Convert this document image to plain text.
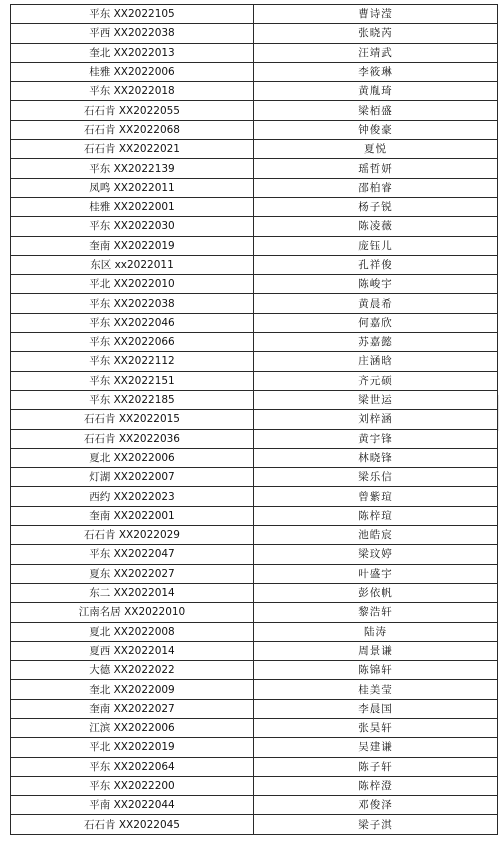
平东 XX2022105	曹诗滢
平西 XX2022038	张晓芮
奎北 XX2022013	汪靖武
桂雅 XX2022006	李筱琳
平东 XX2022018	黄胤琦
石石肯 XX2022055	梁栢盛
石石肯 XX2022068	钟俊豪
石石肯 XX2022021	夏悦
平东 XX2022139	瑶哲妍
凤鸣 XX2022011	邵柏睿
桂雅 XX2022001	杨子锐
平东 XX2022030	陈凌薇
奎南 XX2022019	庞钰儿
东区 xx2022011	孔祥俊
平北 XX2022010	陈峻宇
平东 XX2022038	黄晨希
平东 XX2022046	何嘉欣
平东 XX2022066	苏嘉懿
平东 XX2022112	庄涵晗
平东 XX2022151	齐元硕
平东 XX2022185	梁世运
石石肯 XX2022015	刘梓涵
石石肯 XX2022036	黄宇锋
夏北 XX2022006	林晓锋
灯湖 XX2022007	梁乐信
西约 XX2022023	曾紫瑄
奎南 XX2022001	陈梓瑄
石石肯 XX2022029	池皓宸
平东 XX2022047	梁玟婷
夏东 XX2022027	叶盛宇
东二 XX2022014	彭依帆
江南名居 XX2022010	黎浩轩
夏北 XX2022008	陆涛
夏西 XX2022014	周景谦
大德 XX2022022	陈锦轩
奎北 XX2022009	桂美莹
奎南 XX2022027	李晨国
江滨 XX2022006	张昊轩
平北 XX2022019	吴建谦
平东 XX2022064	陈子轩
平东 XX2022200	陈梓澄
平南 XX2022044	邓俊泽
石石肯 XX2022045	梁子淇
